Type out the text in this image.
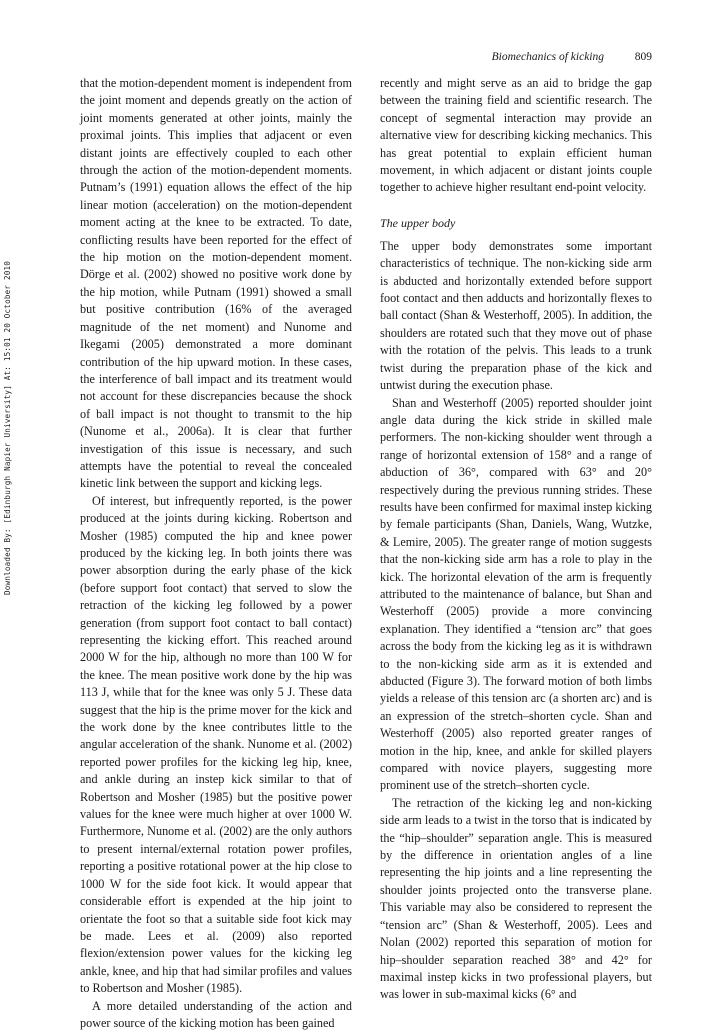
Biomechanics of kicking	809
Downloaded By: [Edinburgh Napier University] At: 15:01 20 October 2010

that the motion-dependent moment is independent from the joint moment and depends greatly on the action of joint moments generated at other joints, mainly the proximal joints. This implies that adjacent or even distant joints are effectively coupled to each other through the action of the motion-dependent moments. Putnam’s (1991) equation allows the effect of the hip linear motion (acceleration) on the motion-dependent moment acting at the knee to be extracted. To date, conflicting results have been reported for the effect of the hip motion on the motion-dependent moment. Dörge et al. (2002) showed no positive work done by the hip motion, while Putnam (1991) showed a small but positive contribution (16% of the averaged magnitude of the net moment) and Nunome and Ikegami (2005) demonstrated a more dominant contribution of the hip upward motion. In these cases, the interference of ball impact and its treatment would not account for these discrepancies because the shock of ball impact is not thought to transmit to the hip (Nunome et al., 2006a). It is clear that further investigation of this issue is necessary, and such attempts have the potential to reveal the concealed kinetic link between the support and kicking legs.

Of interest, but infrequently reported, is the power produced at the joints during kicking. Robertson and Mosher (1985) computed the hip and knee power produced by the kicking leg. In both joints there was power absorption during the early phase of the kick (before support foot contact) that served to slow the retraction of the kicking leg followed by a power generation (from support foot contact to ball contact) representing the kicking effort. This reached around 2000 W for the hip, although no more than 100 W for the knee. The mean positive work done by the hip was 113 J, while that for the knee was only 5 J. These data suggest that the hip is the prime mover for the kick and the work done by the knee contributes little to the angular acceleration of the shank. Nunome et al. (2002) reported power profiles for the kicking leg hip, knee, and ankle during an instep kick similar to that of Robertson and Mosher (1985) but the positive power values for the knee were much higher at over 1000 W. Furthermore, Nunome et al. (2002) are the only authors to present internal/external rotation power profiles, reporting a positive rotational power at the hip close to 1000 W for the side foot kick. It would appear that considerable effort is expended at the hip joint to orientate the foot so that a suitable side foot kick may be made. Lees et al. (2009) also reported flexion/extension power values for the kicking leg ankle, knee, and hip that had similar profiles and values to Robertson and Mosher (1985).

A more detailed understanding of the action and power source of the kicking motion has been gained

recently and might serve as an aid to bridge the gap between the training field and scientific research. The concept of segmental interaction may provide an alternative view for describing kicking mechanics. This has great potential to explain efficient human movement, in which adjacent or distant joints couple together to achieve higher resultant end-point velocity.

The upper body

The upper body demonstrates some important characteristics of technique. The non-kicking side arm is abducted and horizontally extended before support foot contact and then adducts and horizontally flexes to ball contact (Shan & Westerhoff, 2005). In addition, the shoulders are rotated such that they move out of phase with the rotation of the pelvis. This leads to a trunk twist during the preparation phase of the kick and untwist during the execution phase.

Shan and Westerhoff (2005) reported shoulder joint angle data during the kick stride in skilled male performers. The non-kicking shoulder went through a range of horizontal extension of 158° and a range of abduction of 36°, compared with 63° and 20° respectively during the previous running strides. These results have been confirmed for maximal instep kicking by female participants (Shan, Daniels, Wang, Wutzke, & Lemire, 2005). The greater range of motion suggests that the non-kicking side arm has a role to play in the kick. The horizontal elevation of the arm is frequently attributed to the maintenance of balance, but Shan and Westerhoff (2005) provide a more convincing explanation. They identified a “tension arc” that goes across the body from the kicking leg as it is withdrawn to the non-kicking side arm as it is extended and abducted (Figure 3). The forward motion of both limbs yields a release of this tension arc (a shorten arc) and is an expression of the stretch–shorten cycle. Shan and Westerhoff (2005) also reported greater ranges of motion in the hip, knee, and ankle for skilled players compared with novice players, suggesting more prominent use of the stretch–shorten cycle.

The retraction of the kicking leg and non-kicking side arm leads to a twist in the torso that is indicated by the “hip–shoulder” separation angle. This is measured by the difference in orientation angles of a line representing the hip joints and a line representing the shoulder joints projected onto the transverse plane. This variable may also be considered to represent the “tension arc” (Shan & Westerhoff, 2005). Lees and Nolan (2002) reported this separation of motion for hip–shoulder separation reached 38° and 42° for maximal instep kicks in two professional players, but was lower in sub-maximal kicks (6° and
